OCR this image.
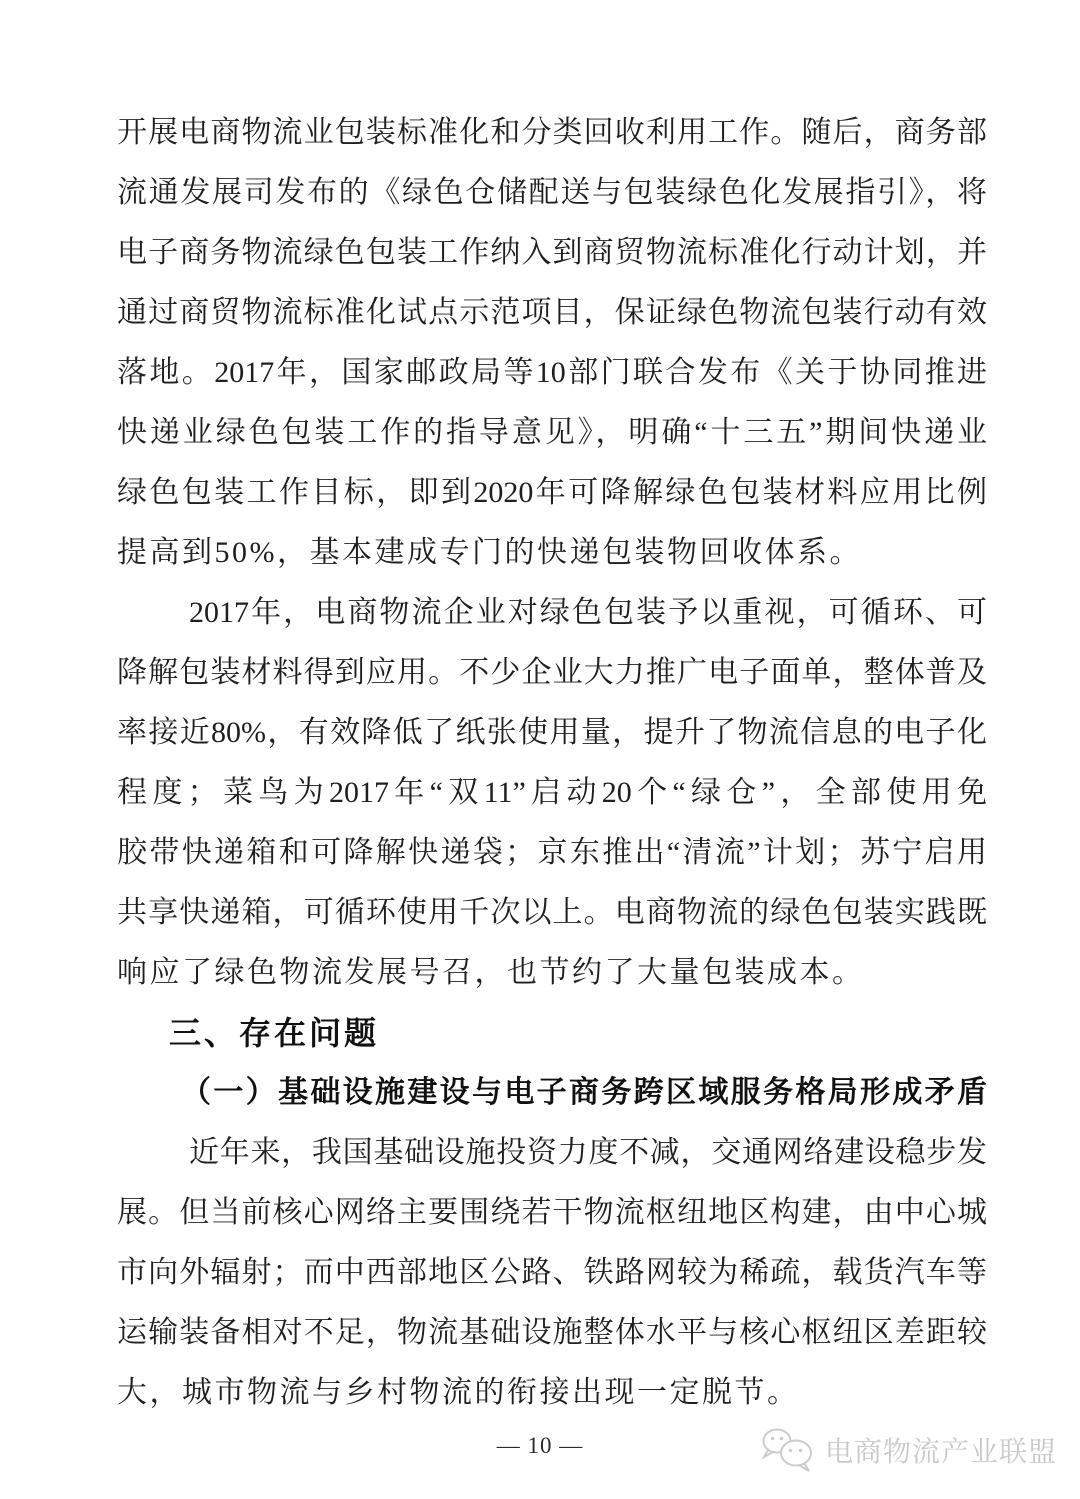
开展电商物流业包装标准化和分类回收利用工作。随后，商务部
流通发展司发布的《绿色仓储配送与包装绿色化发展指引》，将
电子商务物流绿色包装工作纳入到商贸物流标准化行动计划，并
通过商贸物流标准化试点示范项目，保证绿色物流包装行动有效
落地。2017年，国家邮政局等10部门联合发布《关于协同推进
快递业绿色包装工作的指导意见》，明确“十三五”期间快递业
绿色包装工作目标，即到2020年可降解绿色包装材料应用比例
提高到50%，基本建成专门的快递包装物回收体系。
2017年，电商物流企业对绿色包装予以重视，可循环、可
降解包装材料得到应用。不少企业大力推广电子面单，整体普及
率接近80%，有效降低了纸张使用量，提升了物流信息的电子化
程度；菜鸟为2017年“双11”启动20个“绿仓”，全部使用免
胶带快递箱和可降解快递袋；京东推出“清流”计划；苏宁启用
共享快递箱，可循环使用千次以上。电商物流的绿色包装实践既
响应了绿色物流发展号召，也节约了大量包装成本。
三、存在问题
（一）基础设施建设与电子商务跨区域服务格局形成矛盾
近年来，我国基础设施投资力度不减，交通网络建设稳步发
展。但当前核心网络主要围绕若干物流枢纽地区构建，由中心城
市向外辐射；而中西部地区公路、铁路网较为稀疏，载货汽车等
运输装备相对不足，物流基础设施整体水平与核心枢纽区差距较
大，城市物流与乡村物流的衔接出现一定脱节。
— 10 —	电商物流产业联盟
